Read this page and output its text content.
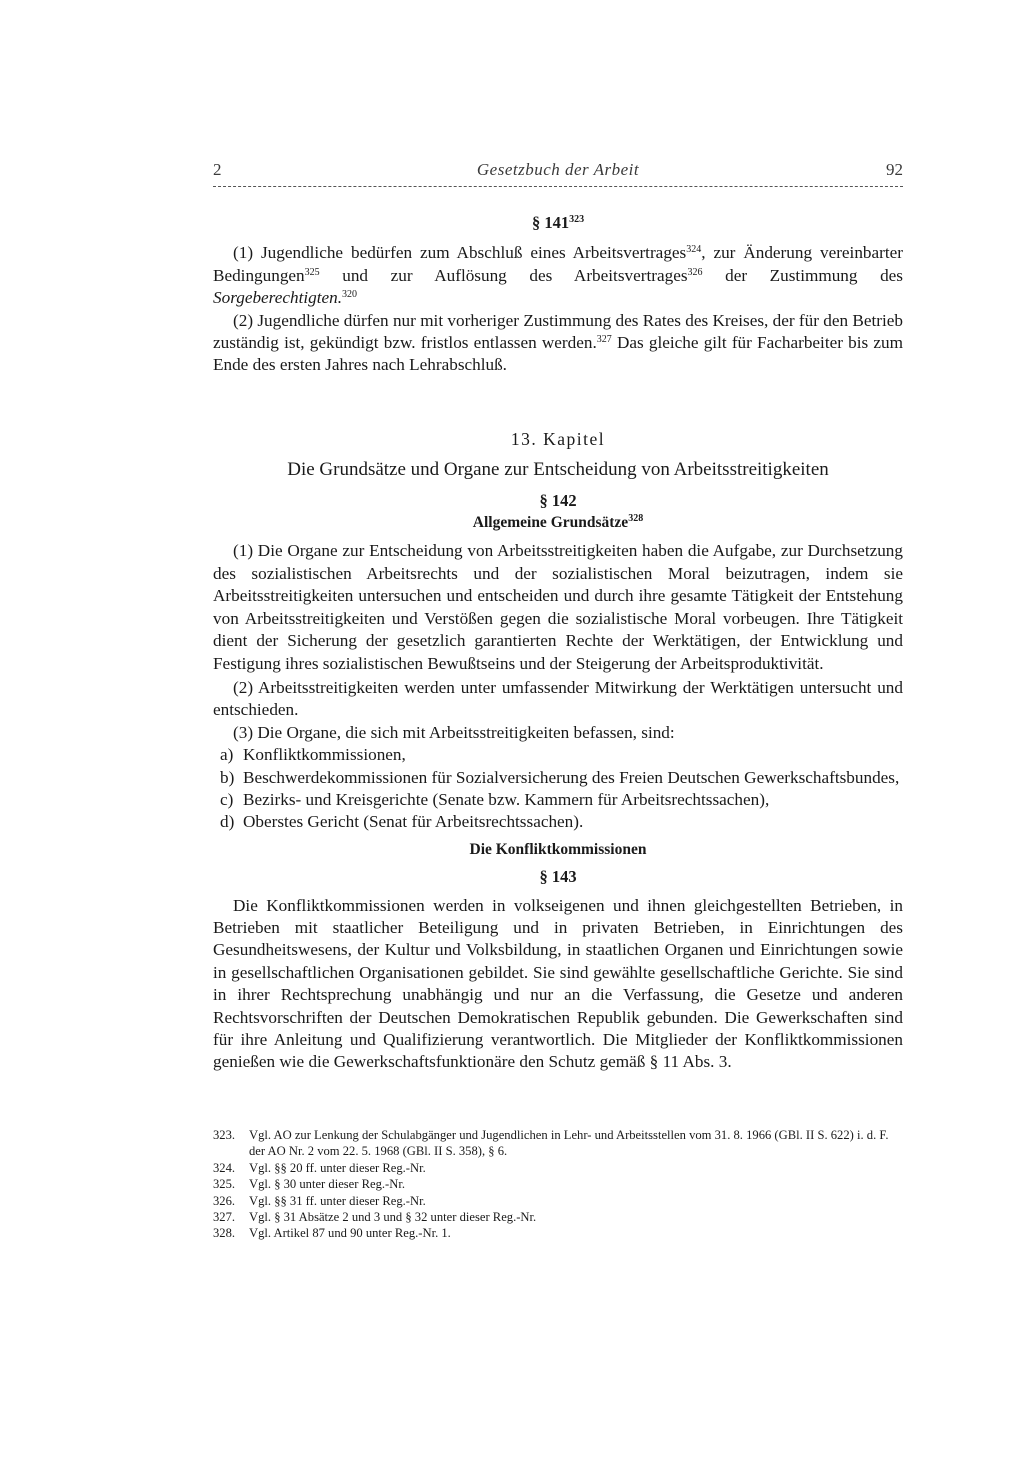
2	Gesetzbuch der Arbeit	92

§ $141^{323}$

(1) Jugendliche bedürfen zum Abschluß eines Arbeitsvertrages$^{324}$, zur Änderung vereinbarter Bedingungen$^{325}$ und zur Auflösung des Arbeitsvertrages$^{326}$ der Zustimmung des Sorgeberechtigten.$^{320}$

(2) Jugendliche dürfen nur mit vorheriger Zustimmung des Rates des Kreises, der für den Betrieb zuständig ist, gekündigt bzw. fristlos entlassen werden.$^{327}$ Das gleiche gilt für Facharbeiter bis zum Ende des ersten Jahres nach Lehrabschluß.

13. Kapitel

Die Grundsätze und Organe zur Entscheidung von Arbeitsstreitigkeiten

§ 142

Allgemeine Grundsätze$^{328}$

(1) Die Organe zur Entscheidung von Arbeitsstreitigkeiten haben die Aufgabe, zur Durchsetzung des sozialistischen Arbeitsrechts und der sozialistischen Moral beizutragen, indem sie Arbeitsstreitigkeiten untersuchen und entscheiden und durch ihre gesamte Tätigkeit der Entstehung von Arbeitsstreitigkeiten und Verstößen gegen die sozialistische Moral vorbeugen. Ihre Tätigkeit dient der Sicherung der gesetzlich garantierten Rechte der Werktätigen, der Entwicklung und Festigung ihres sozialistischen Bewußtseins und der Steigerung der Arbeitsproduktivität.

(2) Arbeitsstreitigkeiten werden unter umfassender Mitwirkung der Werktätigen untersucht und entschieden.

(3) Die Organe, die sich mit Arbeitsstreitigkeiten befassen, sind:

a) Konfliktkommissionen,
b) Beschwerdekommissionen für Sozialversicherung des Freien Deutschen Gewerkschaftsbundes,
c) Bezirks- und Kreisgerichte (Senate bzw. Kammern für Arbeitsrechtssachen),
d) Oberstes Gericht (Senat für Arbeitsrechtssachen).

Die Konfliktkommissionen

§ 143

Die Konfliktkommissionen werden in volkseigenen und ihnen gleichgestellten Betrieben, in Betrieben mit staatlicher Beteiligung und in privaten Betrieben, in Einrichtungen des Gesundheitswesens, der Kultur und Volksbildung, in staatlichen Organen und Einrichtungen sowie in gesellschaftlichen Organisationen gebildet. Sie sind gewählte gesellschaftliche Gerichte. Sie sind in ihrer Rechtsprechung unabhängig und nur an die Verfassung, die Gesetze und anderen Rechtsvorschriften der Deutschen Demokratischen Republik gebunden. Die Gewerkschaften sind für ihre Anleitung und Qualifizierung verantwortlich. Die Mitglieder der Konfliktkommissionen genießen wie die Gewerkschaftsfunktionäre den Schutz gemäß § 11 Abs. 3.

323.	Vgl. AO zur Lenkung der Schulabgänger und Jugendlichen in Lehr- und Arbeitsstellen vom 31. 8. 1966 (GBl. II S. 622) i. d. F. der AO Nr. 2 vom 22. 5. 1968 (GBl. II S. 358), § 6.
324.	Vgl. §§ 20 ff. unter dieser Reg.-Nr.
325.	Vgl. § 30 unter dieser Reg.-Nr.
326.	Vgl. §§ 31 ff. unter dieser Reg.-Nr.
327.	Vgl. § 31 Absätze 2 und 3 und § 32 unter dieser Reg.-Nr.
328.	Vgl. Artikel 87 und 90 unter Reg.-Nr. 1.
